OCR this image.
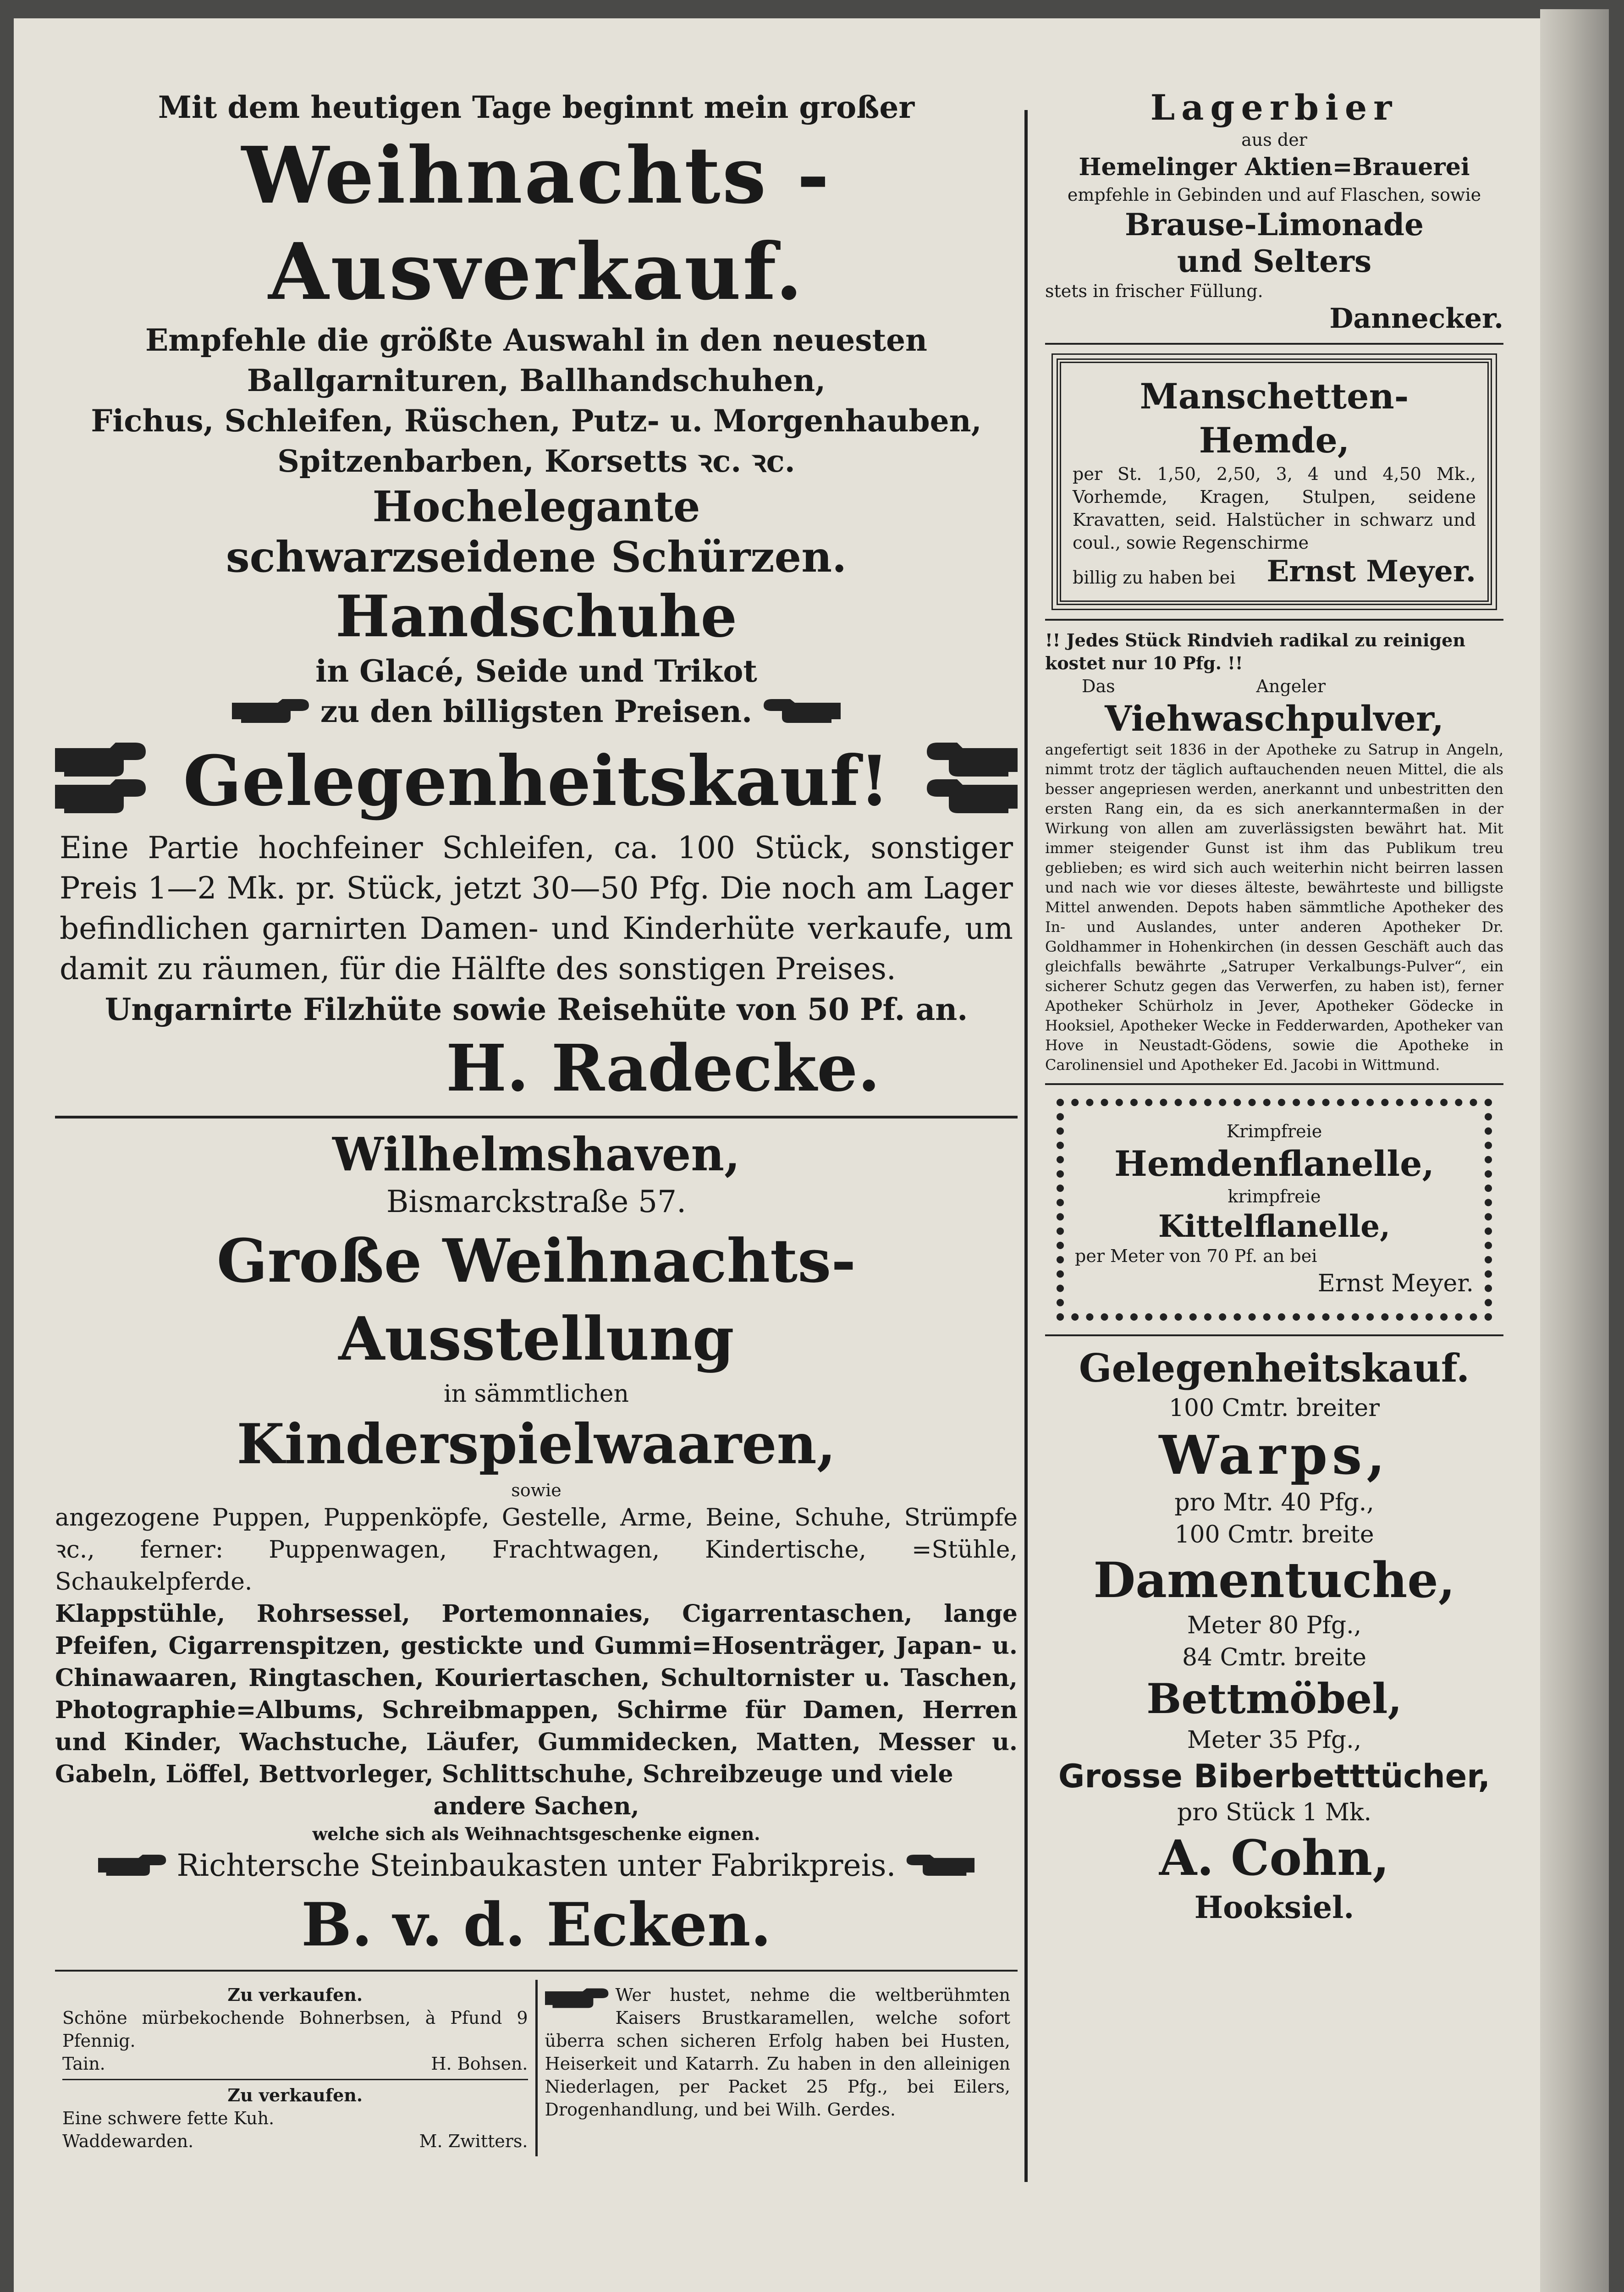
Mit dem heutigen Tage beginnt mein großer

Weihnachts - Ausverkauf.

Empfehle die größte Auswahl in den neuesten

Ballgarnituren, Ballhandschuhen,

Fichus, Schleifen, Rüschen, Putz- u. Morgenhauben,

Spitzenbarben, Korsetts ꝛc. ꝛc.

Hochelegante

schwarzseidene Schürzen.

Handschuhe

in Glacé, Seide und Trikot

zu den billigsten Preisen.

Gelegenheitskauf!

Eine Partie hochfeiner Schleifen, ca. 100 Stück, sonstiger Preis 1—2 Mk. pr. Stück, jetzt 30—50 Pfg. Die noch am Lager befindlichen garnirten Damen- und Kinderhüte verkaufe, um damit zu räumen, für die Hälfte des sonstigen Preises.

Ungarnirte Filzhüte sowie Reisehüte von 50 Pf. an.

H. Radecke.

Wilhelmshaven,

Bismarckstraße 57.

Große Weihnachts-Ausstellung

in sämmtlichen

Kinderspielwaaren,

sowie

angezogene Puppen, Puppenköpfe, Gestelle, Arme, Beine, Schuhe, Strümpfe ꝛc., ferner: Puppenwagen, Frachtwagen, Kindertische, =Stühle, Schaukelpferde.

Klappstühle, Rohrsessel, Portemonnaies, Cigarrentaschen, lange Pfeifen, Cigarrenspitzen, gestickte und Gummi=Hosenträger, Japan- u. Chinawaaren, Ringtaschen, Kouriertaschen, Schultornister u. Taschen, Photographie=Albums, Schreibmappen, Schirme für Damen, Herren und Kinder, Wachstuche, Läufer, Gummidecken, Matten, Messer u. Gabeln, Löffel, Bettvorleger, Schlittschuhe, Schreibzeuge und viele

andere Sachen,

welche sich als Weihnachtsgeschenke eignen.

Richtersche Steinbaukasten unter Fabrikpreis.

B. v. d. Ecken.

Zu verkaufen.

Schöne mürbekochende Bohnerbsen, à Pfund 9 Pfennig.

Tain.	H. Bohsen.

Zu verkaufen.

Eine schwere fette Kuh.

Waddewarden.	M. Zwitters.

Wer hustet, nehme die weltberühmten Kaisers Brustkaramellen, welche sofort überra schen sicheren Erfolg haben bei Husten, Heiserkeit und Katarrh. Zu haben in den alleinigen Niederlagen, per Packet 25 Pfg., bei Eilers, Drogenhandlung, und bei Wilh. Gerdes.

Lagerbier

aus der

Hemelinger Aktien=Brauerei

empfehle in Gebinden und auf Flaschen, sowie

Brause-Limonade

und Selters

stets in frischer Füllung.

Dannecker.

Manschetten-Hemde,

per St. 1,50, 2,50, 3, 4 und 4,50 Mk., Vorhemde, Kragen, Stulpen, seidene Kravatten, seid. Halstücher in schwarz und coul., sowie Regenschirme

billig zu haben bei Ernst Meyer.

!! Jedes Stück Rindvieh radikal zu reinigen kostet nur 10 Pfg. !!

Das	Angeler

Viehwaschpulver,

angefertigt seit 1836 in der Apotheke zu Satrup in Angeln, nimmt trotz der täglich auftauchenden neuen Mittel, die als besser angepriesen werden, anerkannt und unbestritten den ersten Rang ein, da es sich anerkanntermaßen in der Wirkung von allen am zuverlässigsten bewährt hat. Mit immer steigender Gunst ist ihm das Publikum treu geblieben; es wird sich auch weiterhin nicht beirren lassen und nach wie vor dieses älteste, bewährteste und billigste Mittel anwenden. Depots haben sämmtliche Apotheker des In- und Auslandes, unter anderen Apotheker Dr. Goldhammer in Hohenkirchen (in dessen Geschäft auch das gleichfalls bewährte „Satruper Verkalbungs-Pulver“, ein sicherer Schutz gegen das Verwerfen, zu haben ist), ferner Apotheker Schürholz in Jever, Apotheker Gödecke in Hooksiel, Apotheker Wecke in Fedderwarden, Apotheker van Hove in Neustadt-Gödens, sowie die Apotheke in Carolinensiel und Apotheker Ed. Jacobi in Wittmund.

Krimpfreie

Hemdenflanelle,

krimpfreie

Kittelflanelle,

per Meter von 70 Pf. an bei

Ernst Meyer.

Gelegenheitskauf.

100 Cmtr. breiter

Warps,

pro Mtr. 40 Pfg.,

100 Cmtr. breite

Damentuche,

Meter 80 Pfg.,

84 Cmtr. breite

Bettmöbel,

Meter 35 Pfg.,

Grosse Biberbetttücher,

pro Stück 1 Mk.

A. Cohn,

Hooksiel.
